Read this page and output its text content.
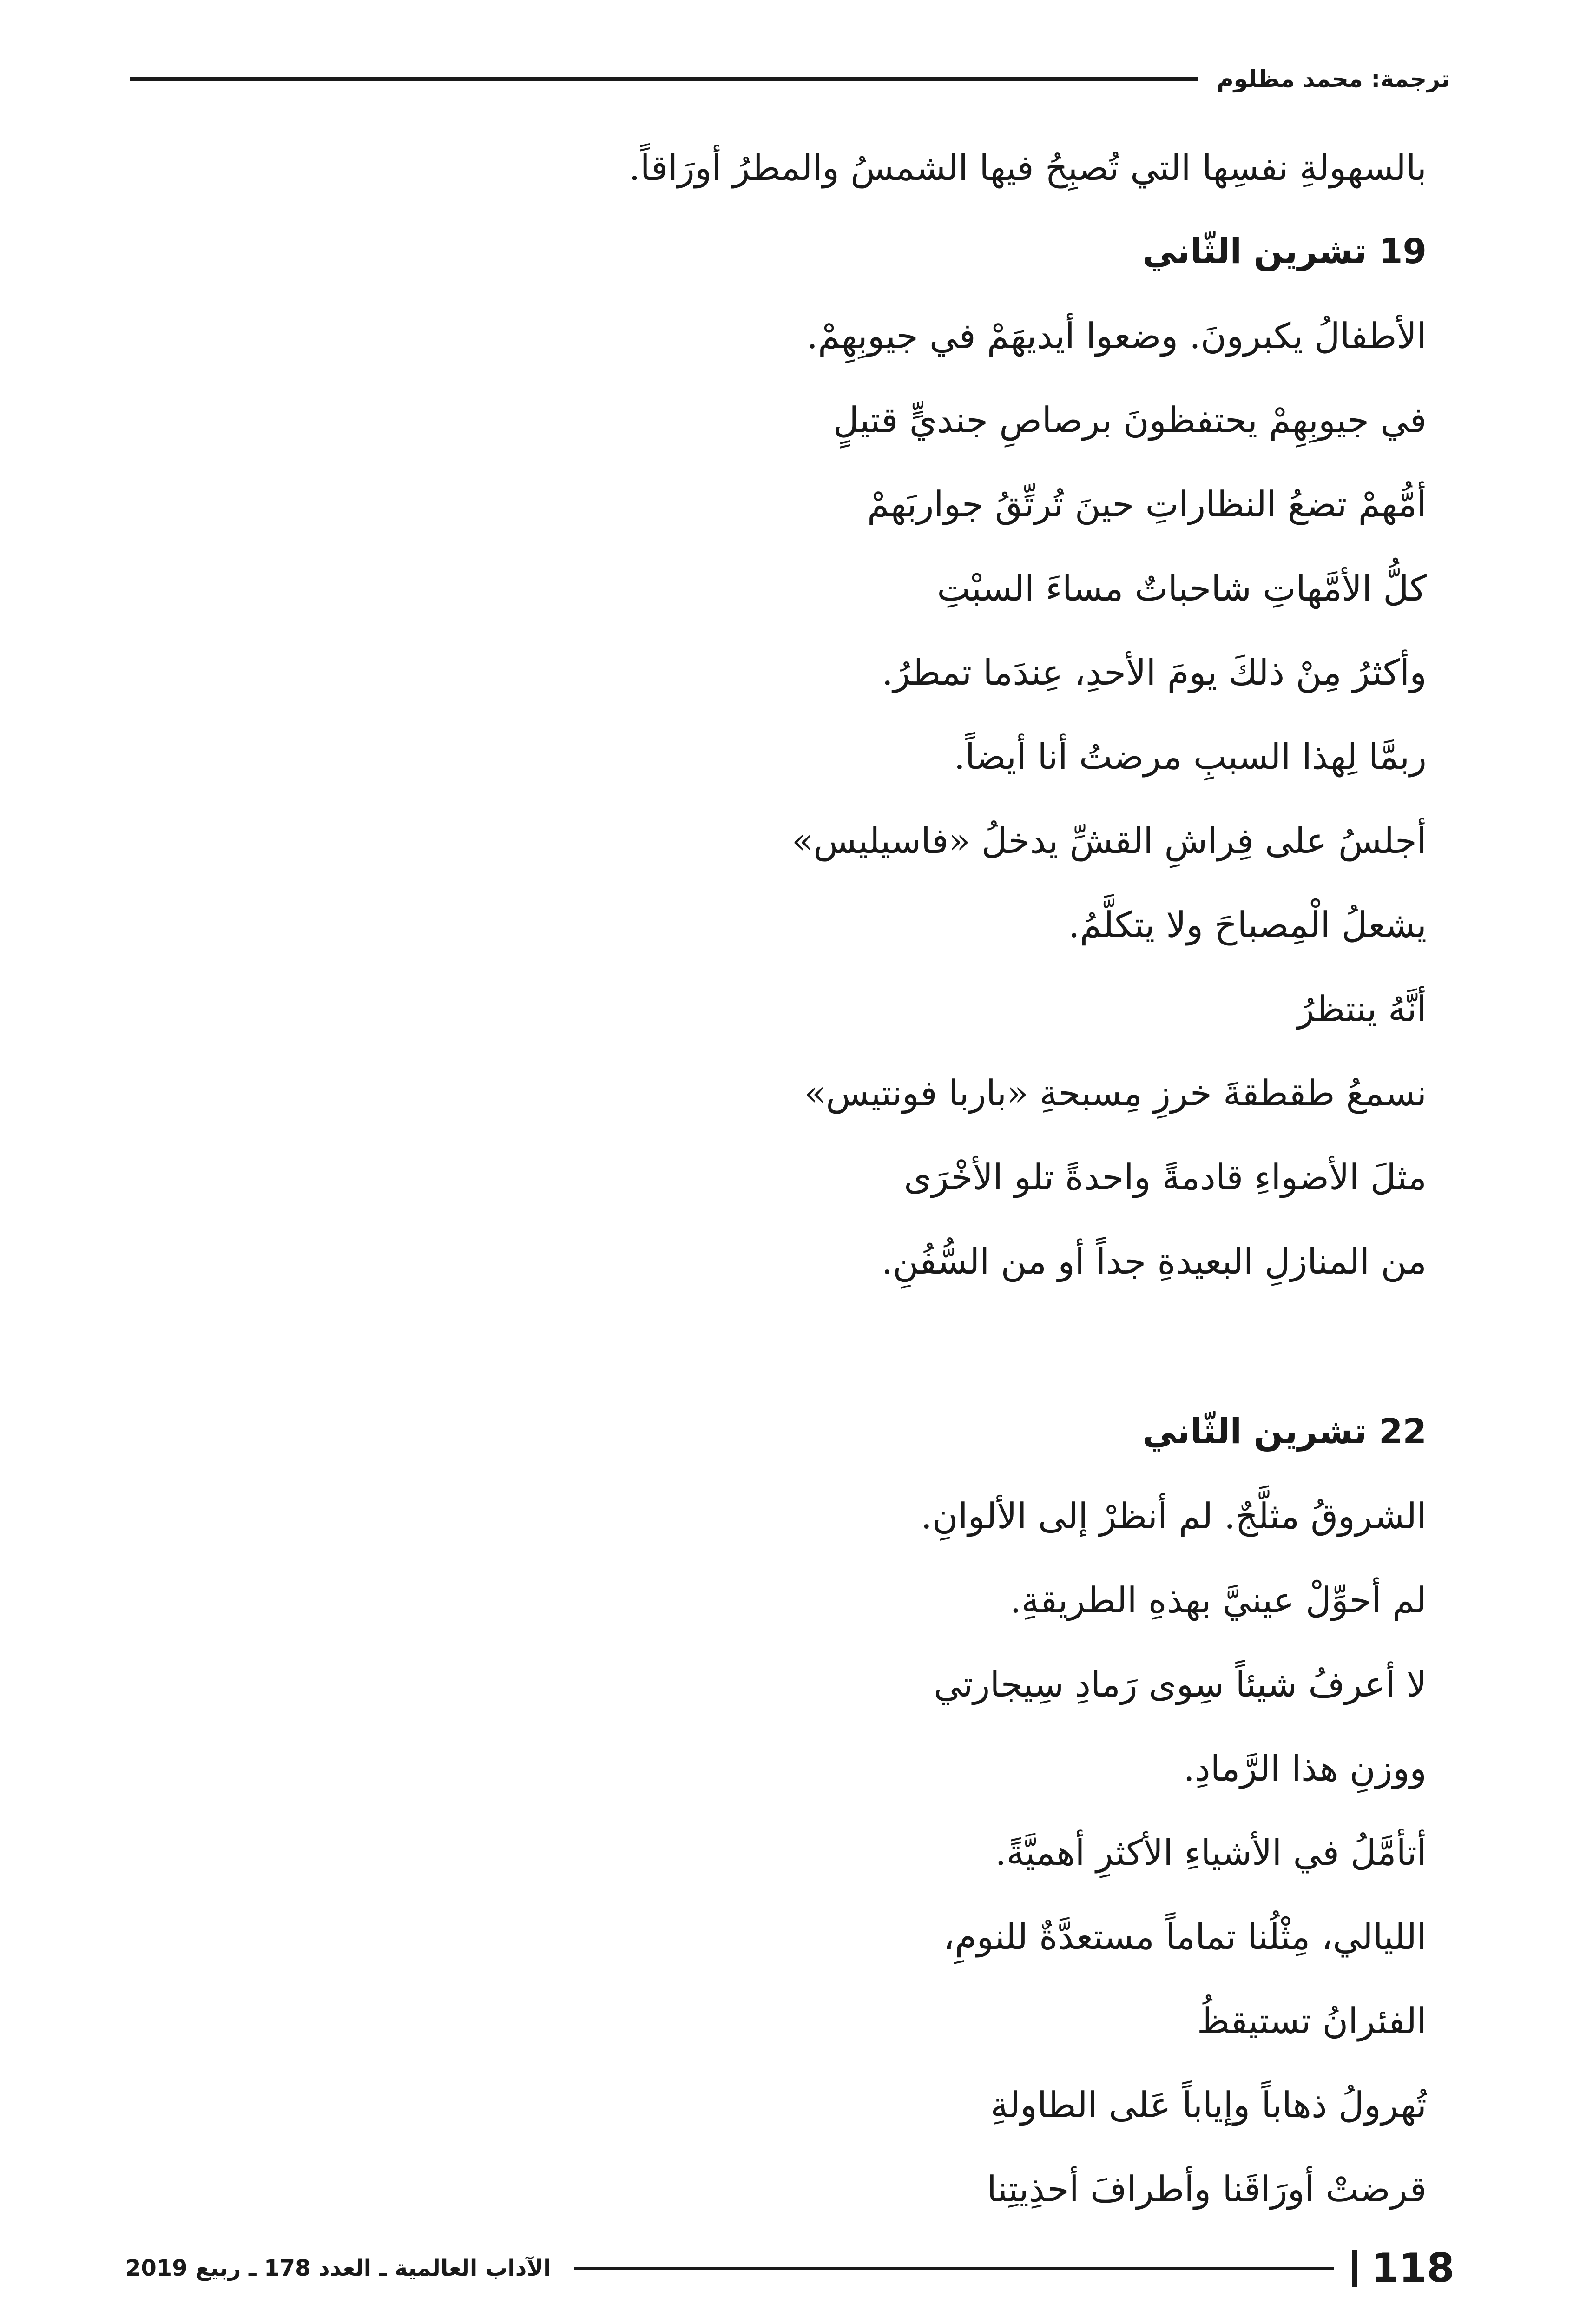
ترجمة: محمد مظلوم
بالسهولةِ نفسِها التي تُصبِحُ فيها الشمسُ والمطرُ أورَاقاً.
19 تشرين الثّاني
الأطفالُ يكبرونَ. وضعوا أيديهَمْ في جيوبِهِمْ.
في جيوبِهِمْ يحتفظونَ برصاصِ جنديٍّ قتيلٍ
أمُّهمْ تضعُ النظاراتِ حينَ تُرتِّقُ جواربَهمْ
كلُّ الأمَّهاتِ شاحباتٌ مساءَ السبْتِ
وأكثرُ مِنْ ذلكَ يومَ الأحدِ، عِندَما تمطرُ.
ربمَّا لِهذا السببِ مرضتُ أنا أيضاً.
أجلسُ على فِراشِ القشِّ يدخلُ «فاسيليس»
يشعلُ الْمِصباحَ ولا يتكلَّمُ.
أنَّهُ ينتظرُ
نسمعُ طقطقةَ خرزِ مِسبحةِ «باربا فونتيس»
مثلَ الأضواءِ قادمةً واحدةً تلو الأخْرَى
من المنازلِ البعيدةِ جداً أو من السُّفُنِ.
22 تشرين الثّاني
الشروقُ مثلَّجٌ. لم أنظرْ إلى الألوانِ.
لم أحوِّلْ عينيَّ بهذهِ الطريقةِ.
لا أعرفُ شيئاً سِوى رَمادِ سِيجارتي
ووزنِ هذا الرَّمادِ.
أتأمَّلُ في الأشياءِ الأكثرِ أهميَّةً.
الليالي، مِثْلُنا تماماً مستعدَّةٌ للنومِ،
الفئرانُ تستيقظُ
تُهرولُ ذهاباً وإياباً عَلى الطاولةِ
قرضتْ أورَاقَنا وأطرافَ أحذِيتِنا
118
الآداب العالمية ـ العدد 178 ـ ربيع 2019
